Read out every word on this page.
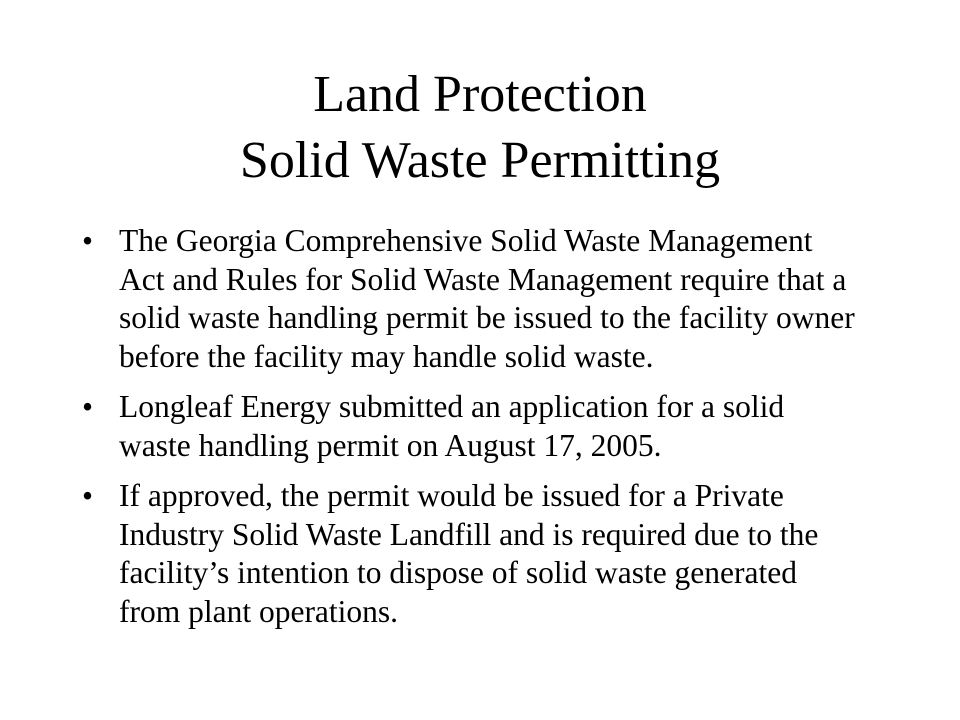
Land Protection
Solid Waste Permitting
• The Georgia Comprehensive Solid Waste Management Act and Rules for Solid Waste Management require that a solid waste handling permit be issued to the facility owner before the facility may handle solid waste.
• Longleaf Energy submitted an application for a solid waste handling permit on August 17, 2005.
• If approved, the permit would be issued for a Private Industry Solid Waste Landfill and is required due to the facility’s intention to dispose of solid waste generated from plant operations.
